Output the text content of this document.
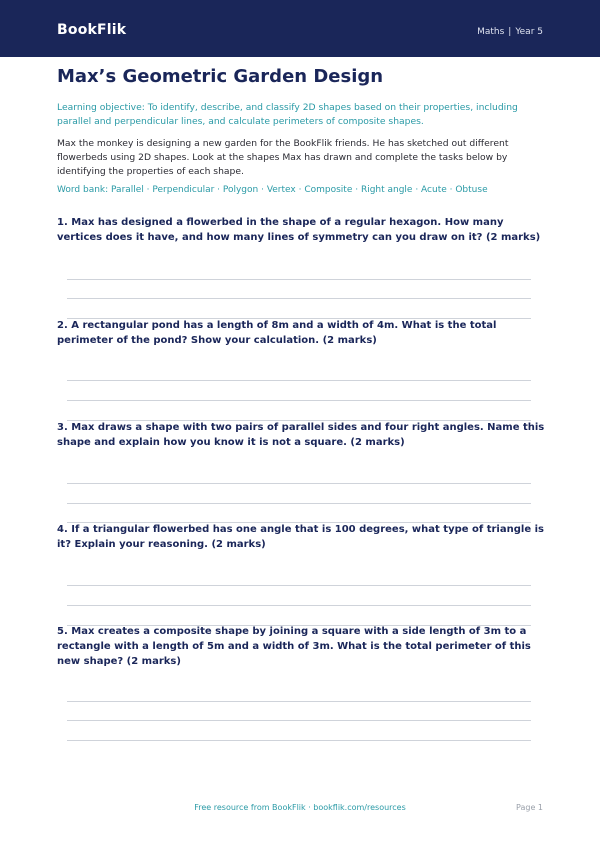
BookFlik	Maths | Year 5
Max’s Geometric Garden Design
Learning objective: To identify, describe, and classify 2D shapes based on their properties, including parallel and perpendicular lines, and calculate perimeters of composite shapes.
Max the monkey is designing a new garden for the BookFlik friends. He has sketched out different flowerbeds using 2D shapes. Look at the shapes Max has drawn and complete the tasks below by identifying the properties of each shape.
Word bank: Parallel · Perpendicular · Polygon · Vertex · Composite · Right angle · Acute · Obtuse
1. Max has designed a flowerbed in the shape of a regular hexagon. How many vertices does it have, and how many lines of symmetry can you draw on it? (2 marks)
2. A rectangular pond has a length of 8m and a width of 4m. What is the total perimeter of the pond? Show your calculation. (2 marks)
3. Max draws a shape with two pairs of parallel sides and four right angles. Name this shape and explain how you know it is not a square. (2 marks)
4. If a triangular flowerbed has one angle that is 100 degrees, what type of triangle is it? Explain your reasoning. (2 marks)
5. Max creates a composite shape by joining a square with a side length of 3m to a rectangle with a length of 5m and a width of 3m. What is the total perimeter of this new shape? (2 marks)
Free resource from BookFlik · bookflik.com/resources	Page 1
